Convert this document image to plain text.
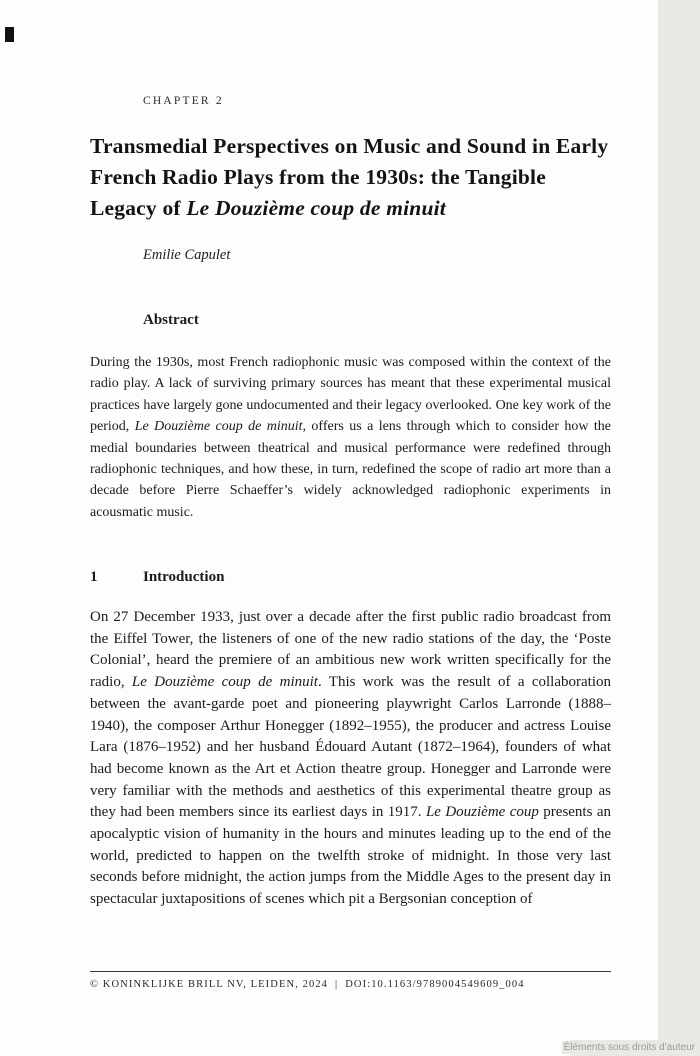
CHAPTER 2
Transmedial Perspectives on Music and Sound in Early French Radio Plays from the 1930s: the Tangible Legacy of Le Douzième coup de minuit
Emilie Capulet
Abstract

During the 1930s, most French radiophonic music was composed within the context of the radio play. A lack of surviving primary sources has meant that these experimental musical practices have largely gone undocumented and their legacy overlooked. One key work of the period, Le Douzième coup de minuit, offers us a lens through which to consider how the medial boundaries between theatrical and musical performance were redefined through radiophonic techniques, and how these, in turn, redefined the scope of radio art more than a decade before Pierre Schaeffer’s widely acknowledged radiophonic experiments in acousmatic music.

1	Introduction

On 27 December 1933, just over a decade after the first public radio broadcast from the Eiffel Tower, the listeners of one of the new radio stations of the day, the ‘Poste Colonial’, heard the premiere of an ambitious new work written specifically for the radio, Le Douzième coup de minuit. This work was the result of a collaboration between the avant-garde poet and pioneering playwright Carlos Larronde (1888–1940), the composer Arthur Honegger (1892–1955), the producer and actress Louise Lara (1876–1952) and her husband Édouard Autant (1872–1964), founders of what had become known as the Art et Action theatre group. Honegger and Larronde were very familiar with the methods and aesthetics of this experimental theatre group as they had been members since its earliest days in 1917. Le Douzième coup presents an apocalyptic vision of humanity in the hours and minutes leading up to the end of the world, predicted to happen on the twelfth stroke of midnight. In those very last seconds before midnight, the action jumps from the Middle Ages to the present day in spectacular juxtapositions of scenes which pit a Bergsonian conception of

© KONINKLIJKE BRILL NV, LEIDEN, 2024 | DOI:10.1163/9789004549609_004
Éléments sous droits d'auteur
